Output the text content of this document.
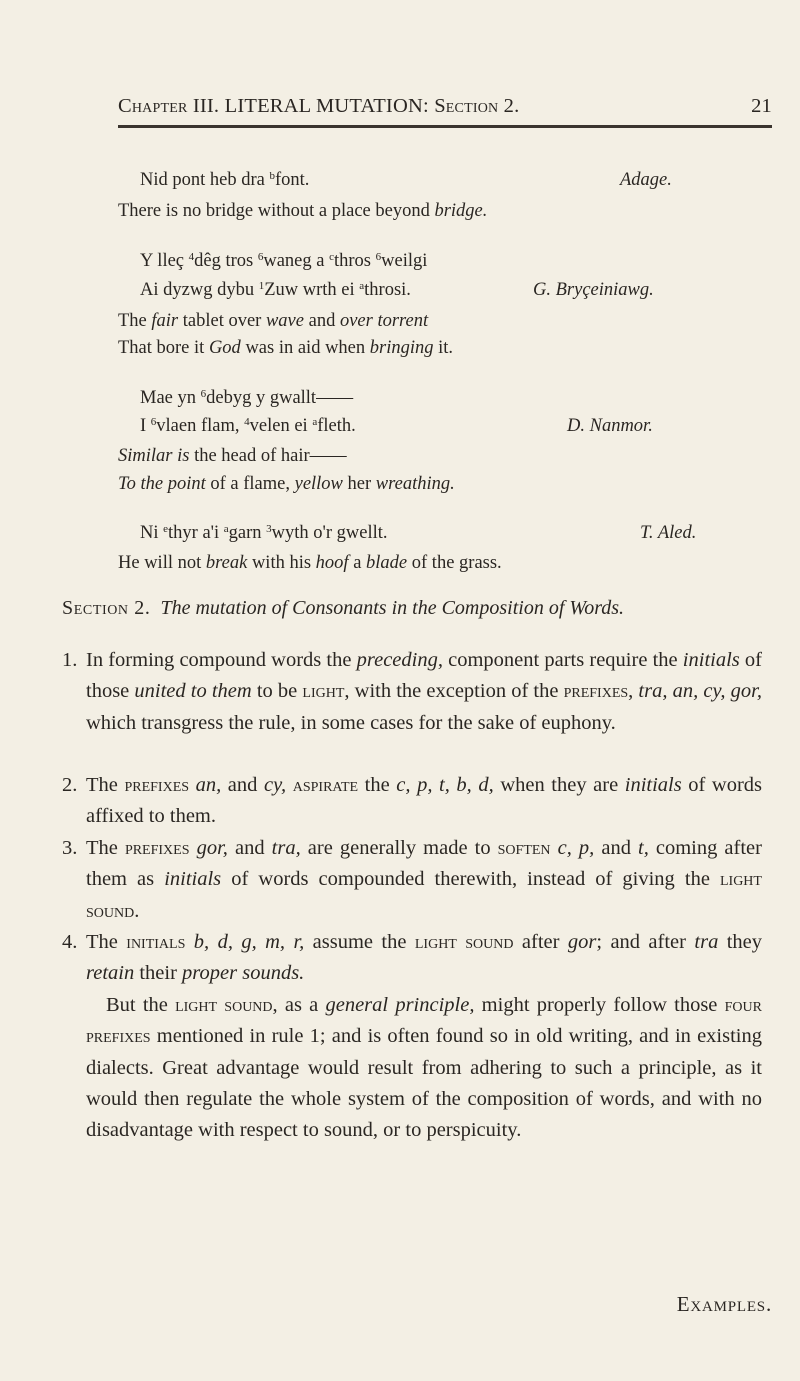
Chapter III. LITERAL MUTATION: Section 2.	21
Nid pont heb dra $^b$font.	Adage.
There is no bridge without a place beyond bridge.
Y lleç $^4$dêg tros $^6$waneg a $^c$thros $^6$weilgi
Ai dyzwg dybu $^1$Zuw wrth ei $^a$throsi.	G. Bryçeiniawg.
The fair tablet over wave and over torrent
That bore it God was in aid when bringing it.
Mae yn $^6$debyg y gwallt——
I $^6$vlaen flam, $^4$velen ei $^a$fleth.	D. Nanmor.
Similar is the head of hair——
To the point of a flame, yellow her wreathing.
Ni $^e$thyr a'i $^a$garn $^3$wyth o'r gwellt.	T. Aled.
He will not break with his hoof a blade of the grass.
Section 2. The mutation of Consonants in the Composition of Words.
1. In forming compound words the preceding, component parts require the initials of those united to them to be light, with the exception of the prefixes, tra, an, cy, gor, which transgress the rule, in some cases for the sake of euphony.
2. The prefixes an, and cy, aspirate the c, p, t, b, d, when they are initials of words affixed to them.
3. The prefixes gor, and tra, are generally made to soften c, p, and t, coming after them as initials of words compounded therewith, instead of giving the light sound.
4. The initials b, d, g, m, r, assume the light sound after gor; and after tra they retain their proper sounds.
But the light sound, as a general principle, might properly follow those four prefixes mentioned in rule 1; and is often found so in old writing, and in existing dialects. Great advantage would result from adhering to such a principle, as it would then regulate the whole system of the composition of words, and with no disadvantage with respect to sound, or to perspicuity.
Examples.
